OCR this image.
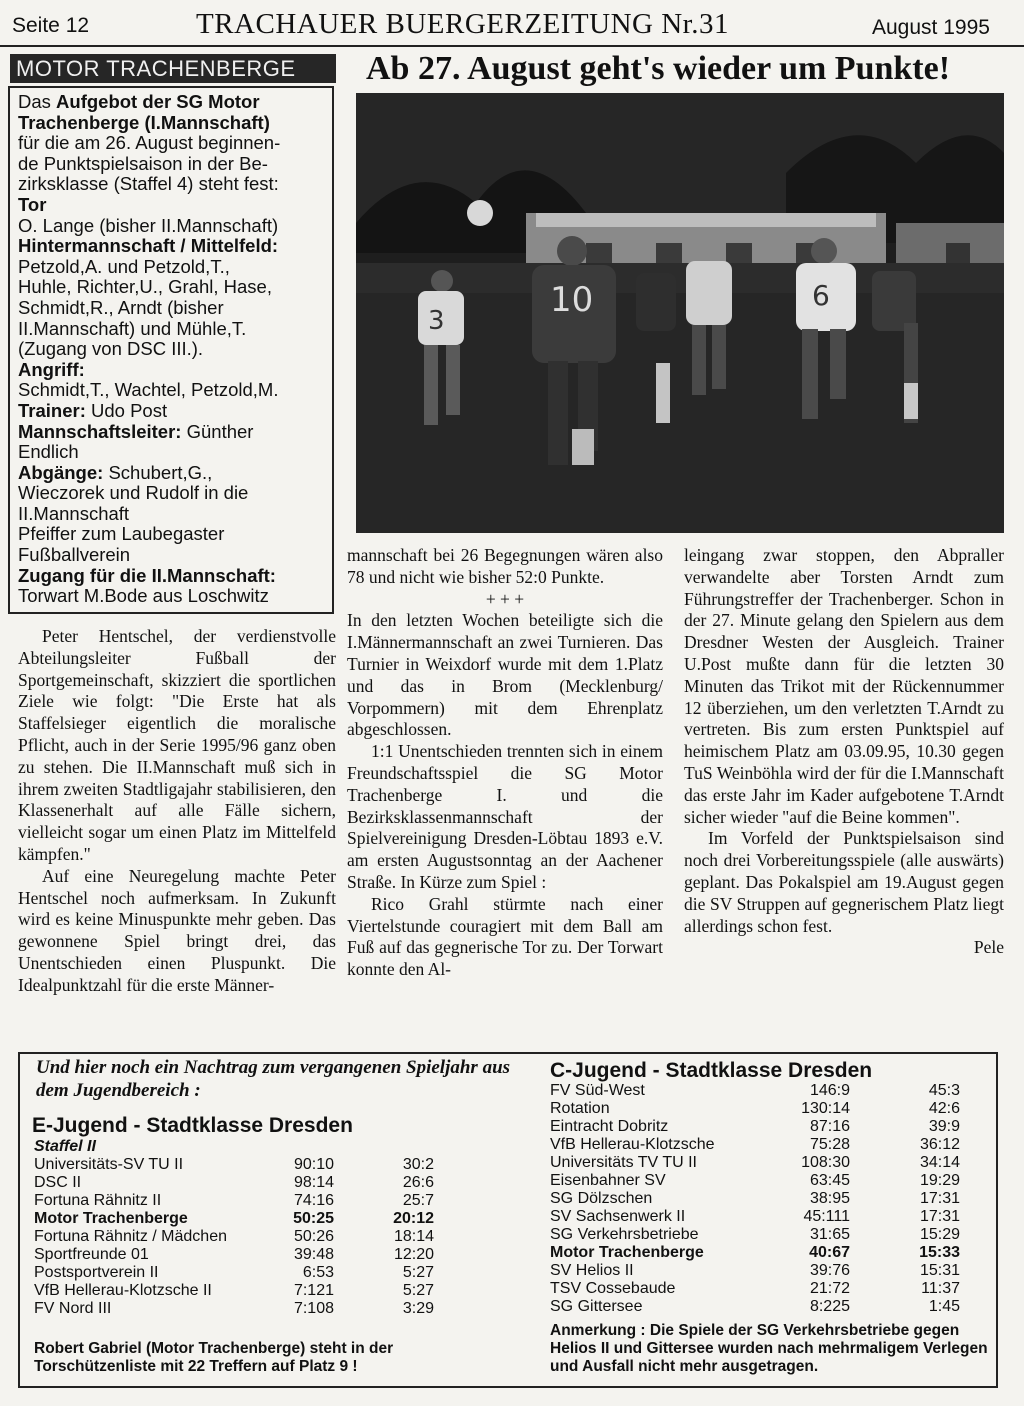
Seite 12	TRACHAUER BUERGERZEITUNG Nr.31	August 1995
MOTOR TRACHENBERGE	Ab 27. August geht's wieder um Punkte!
Das Aufgebot der SG Motor
Trachenberge (I.Mannschaft)
für die am 26. August beginnen-
de Punktspielsaison in der Be-
zirksklasse (Staffel 4) steht fest:
Tor
O. Lange (bisher II.Mannschaft)
Hintermannschaft / Mittelfeld:
Petzold,A. und Petzold,T.,
Huhle, Richter,U., Grahl, Hase,
Schmidt,R., Arndt (bisher
II.Mannschaft) und Mühle,T.
(Zugang von DSC III.).
Angriff:
Schmidt,T., Wachtel, Petzold,M.
Trainer: Udo Post
Mannschaftsleiter: Günther
Endlich
Abgänge: Schubert,G.,
Wieczorek und Rudolf in die
II.Mannschaft
Pfeiffer zum Laubegaster
Fußballverein
Zugang für die II.Mannschaft:
Torwart M.Bode aus Loschwitz
3
10	6

Peter Hentschel, der verdienstvolle Abteilungsleiter Fußball der Sportgemeinschaft, skizziert die sportlichen Ziele wie folgt: "Die Erste hat als Staffelsieger eigentlich die moralische Pflicht, auch in der Serie 1995/96 ganz oben zu stehen. Die II.Mannschaft muß sich in ihrem zweiten Stadtligajahr stabilisieren, den Klassenerhalt auf alle Fälle sichern, vielleicht sogar um einen Platz im Mittelfeld kämpfen."

Auf eine Neuregelung machte Peter Hentschel noch aufmerksam. In Zukunft wird es keine Minuspunkte mehr geben. Das gewonnene Spiel bringt drei, das Unentschieden einen Pluspunkt. Die Idealpunktzahl für die erste Männer-

mannschaft bei 26 Begegnungen wären also 78 und nicht wie bisher 52:0 Punkte.

+ + +

In den letzten Wochen beteiligte sich die I.Männermannschaft an zwei Turnieren. Das Turnier in Weixdorf wurde mit dem 1.Platz und das in Brom (Mecklenburg/ Vorpommern) mit dem Ehrenplatz abgeschlossen.

1:1 Unentschieden trennten sich in einem Freundschaftsspiel die SG Motor Trachenberge I. und die Bezirksklassenmannschaft der Spielvereinigung Dresden-Löbtau 1893 e.V. am ersten Augustsonntag an der Aachener Straße. In Kürze zum Spiel :

Rico Grahl stürmte nach einer Viertelstunde couragiert mit dem Ball am Fuß auf das gegnerische Tor zu. Der Torwart konnte den Al-

leingang zwar stoppen, den Abpraller verwandelte aber Torsten Arndt zum Führungstreffer der Trachenberger. Schon in der 27. Minute gelang den Spielern aus dem Dresdner Westen der Ausgleich. Trainer U.Post mußte dann für die letzten 30 Minuten das Trikot mit der Rückennummer 12 überziehen, um den verletzten T.Arndt zu vertreten. Bis zum ersten Punktspiel auf heimischem Platz am 03.09.95, 10.30 gegen TuS Weinböhla wird der für die I.Mannschaft das erste Jahr im Kader aufgebotene T.Arndt sicher wieder "auf die Beine kommen".

Im Vorfeld der Punktspielsaison sind noch drei Vorbereitungsspiele (alle auswärts) geplant. Das Pokalspiel am 19.August gegen die SV Struppen auf gegnerischem Platz liegt allerdings schon fest.

Pele

Und hier noch ein Nachtrag zum vergangenen Spieljahr aus dem Jugendbereich :
E-Jugend - Stadtklasse Dresden
Staffel II
Universitäts-SV TU II	90:10	30:2
DSC II	98:14	26:6
Fortuna Rähnitz II	74:16	25:7
Motor Trachenberge	50:25	20:12
Fortuna Rähnitz / Mädchen	50:26	18:14
Sportfreunde 01	39:48	12:20
Postsportverein II	6:53	5:27
VfB Hellerau-Klotzsche II	7:121	5:27
FV Nord III	7:108	3:29
Robert Gabriel (Motor Trachenberge) steht in der Torschützenliste mit 22 Treffern auf Platz 9 !
C-Jugend - Stadtklasse Dresden
FV Süd-West	146:9	45:3
Rotation	130:14	42:6
Eintracht Dobritz	87:16	39:9
VfB Hellerau-Klotzsche	75:28	36:12
Universitäts TV TU II	108:30	34:14
Eisenbahner SV	63:45	19:29
SG Dölzschen	38:95	17:31
SV Sachsenwerk II	45:111	17:31
SG Verkehrsbetriebe	31:65	15:29
Motor Trachenberge	40:67	15:33
SV Helios II	39:76	15:31
TSV Cossebaude	21:72	11:37
SG Gittersee	8:225	1:45
Anmerkung : Die Spiele der SG Verkehrsbetriebe gegen Helios II und Gittersee wurden nach mehrmaligem Verlegen und Ausfall nicht mehr ausgetragen.
